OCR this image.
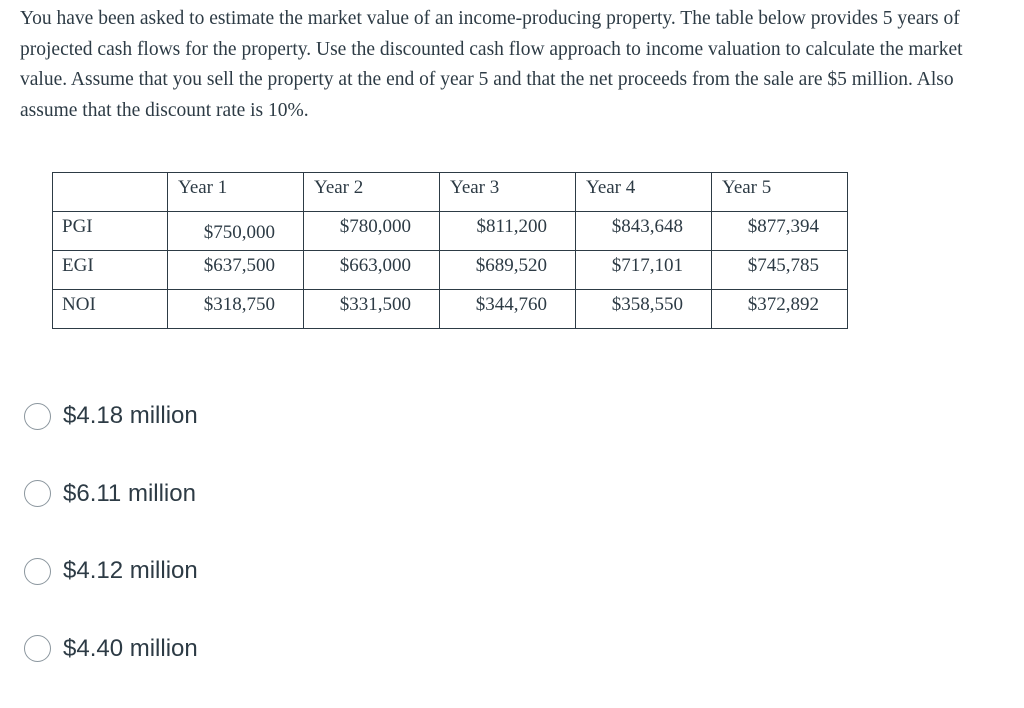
You have been asked to estimate the market value of an income-producing property. The table below provides 5 years of projected cash flows for the property. Use the discounted cash flow approach to income valuation to calculate the market value. Assume that you sell the property at the end of year 5 and that the net proceeds from the sale are $5 million. Also assume that the discount rate is 10%.

	Year 1	Year 2	Year 3	Year 4	Year 5
PGI	$750,000	$780,000	$811,200	$843,648	$877,394
EGI	$637,500	$663,000	$689,520	$717,101	$745,785
NOI	$318,750	$331,500	$344,760	$358,550	$372,892
$4.18 million
$6.11 million
$4.12 million
$4.40 million
